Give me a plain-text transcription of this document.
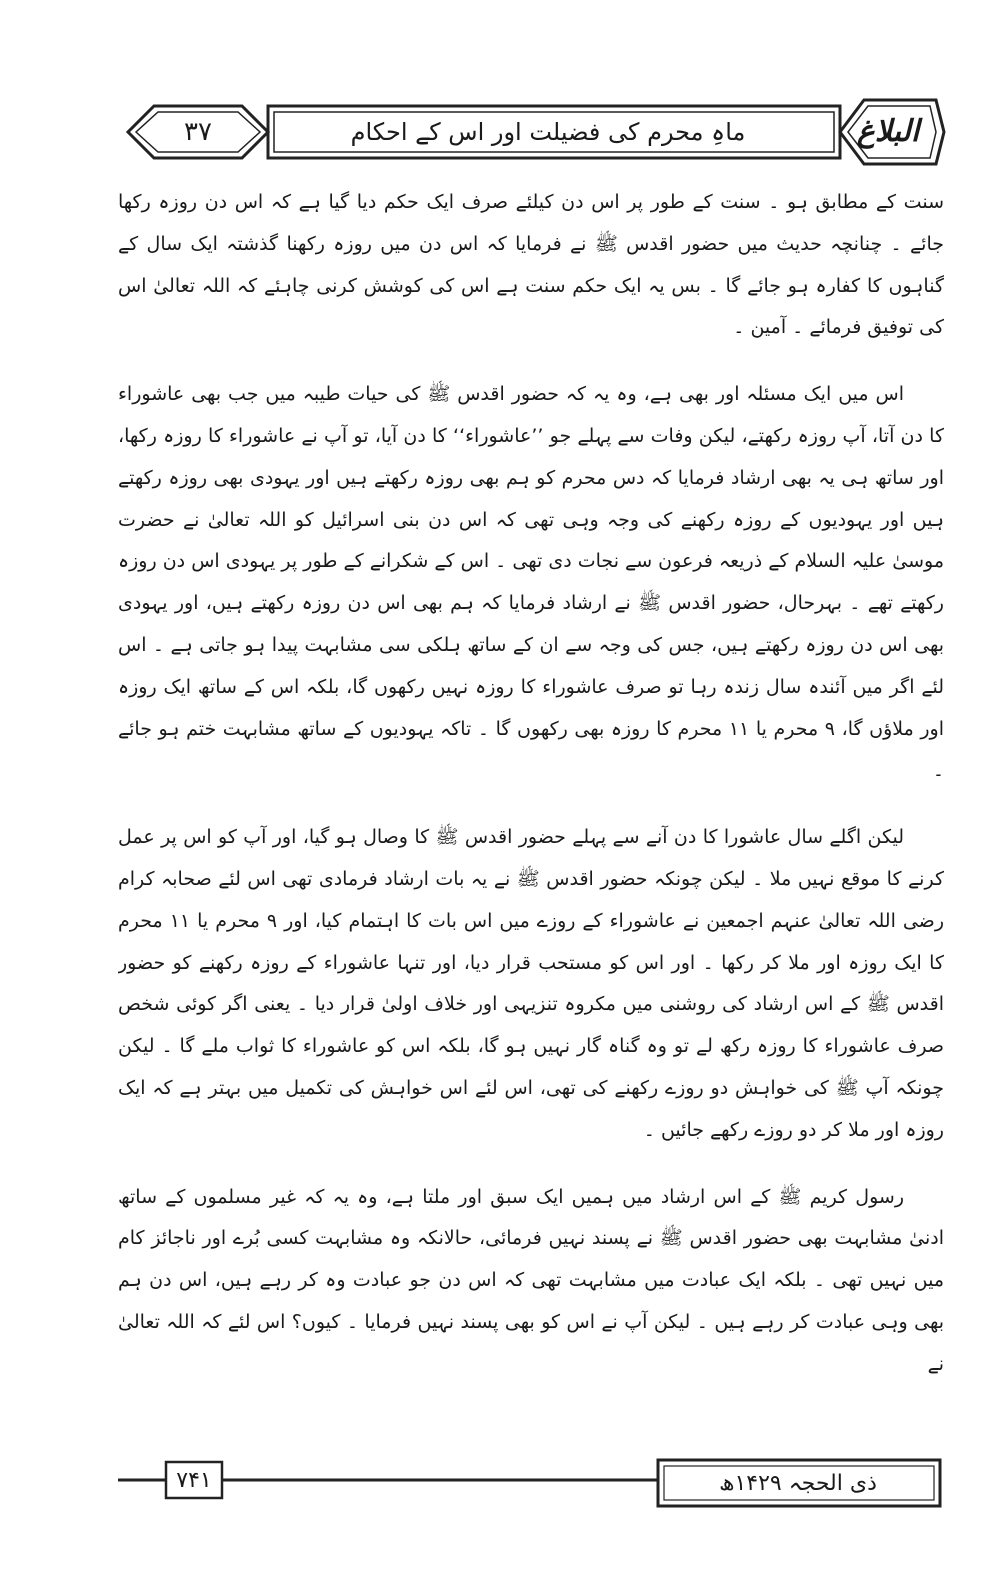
۳۷	ماہِ محرم کی فضیلت اور اس کے احکام	البلاغ

سنت کے مطابق ہو ۔ سنت کے طور پر اس دن کیلئے صرف ایک حکم دیا گیا ہے کہ اس دن روزہ رکھا جائے ۔ چنانچہ حدیث میں حضور اقدس ﷺ نے فرمایا کہ اس دن میں روزہ رکھنا گذشتہ ایک سال کے گناہوں کا کفارہ ہو جائے گا ۔ بس یہ ایک حکم سنت ہے اس کی کوشش کرنی چاہئے کہ اللہ تعالیٰ اس کی توفیق فرمائے ۔ آمین ۔

اس میں ایک مسئلہ اور بھی ہے، وہ یہ کہ حضور اقدس ﷺ کی حیات طیبہ میں جب بھی عاشوراء کا دن آتا، آپ روزہ رکھتے، لیکن وفات سے پہلے جو ’’عاشوراء‘‘ کا دن آیا، تو آپ نے عاشوراء کا روزہ رکھا، اور ساتھ ہی یہ بھی ارشاد فرمایا کہ دس محرم کو ہم بھی روزہ رکھتے ہیں اور یہودی بھی روزہ رکھتے ہیں اور یہودیوں کے روزہ رکھنے کی وجہ وہی تھی کہ اس دن بنی اسرائیل کو اللہ تعالیٰ نے حضرت موسیٰ علیہ السلام کے ذریعہ فرعون سے نجات دی تھی ۔ اس کے شکرانے کے طور پر یہودی اس دن روزہ رکھتے تھے ۔ بہرحال، حضور اقدس ﷺ نے ارشاد فرمایا کہ ہم بھی اس دن روزہ رکھتے ہیں، اور یہودی بھی اس دن روزہ رکھتے ہیں، جس کی وجہ سے ان کے ساتھ ہلکی سی مشابہت پیدا ہو جاتی ہے ۔ اس لئے اگر میں آئندہ سال زندہ رہا تو صرف عاشوراء کا روزہ نہیں رکھوں گا، بلکہ اس کے ساتھ ایک روزہ اور ملاؤں گا، ۹ محرم یا ۱۱ محرم کا روزہ بھی رکھوں گا ۔ تاکہ یہودیوں کے ساتھ مشابہت ختم ہو جائے ۔

لیکن اگلے سال عاشورا کا دن آنے سے پہلے حضور اقدس ﷺ کا وصال ہو گیا، اور آپ کو اس پر عمل کرنے کا موقع نہیں ملا ۔ لیکن چونکہ حضور اقدس ﷺ نے یہ بات ارشاد فرمادی تھی اس لئے صحابہ کرام رضی اللہ تعالیٰ عنہم اجمعین نے عاشوراء کے روزے میں اس بات کا اہتمام کیا، اور ۹ محرم یا ۱۱ محرم کا ایک روزہ اور ملا کر رکھا ۔ اور اس کو مستحب قرار دیا، اور تنہا عاشوراء کے روزہ رکھنے کو حضور اقدس ﷺ کے اس ارشاد کی روشنی میں مکروہ تنزیہی اور خلاف اولیٰ قرار دیا ۔ یعنی اگر کوئی شخص صرف عاشوراء کا روزہ رکھ لے تو وہ گناہ گار نہیں ہو گا، بلکہ اس کو عاشوراء کا ثواب ملے گا ۔ لیکن چونکہ آپ ﷺ کی خواہش دو روزے رکھنے کی تھی، اس لئے اس خواہش کی تکمیل میں بہتر ہے کہ ایک روزہ اور ملا کر دو روزے رکھے جائیں ۔

رسول کریم ﷺ کے اس ارشاد میں ہمیں ایک سبق اور ملتا ہے، وہ یہ کہ غیر مسلموں کے ساتھ ادنیٰ مشابہت بھی حضور اقدس ﷺ نے پسند نہیں فرمائی، حالانکہ وہ مشابہت کسی بُرے اور ناجائز کام میں نہیں تھی ۔ بلکہ ایک عبادت میں مشابہت تھی کہ اس دن جو عبادت وہ کر رہے ہیں، اس دن ہم بھی وہی عبادت کر رہے ہیں ۔ لیکن آپ نے اس کو بھی پسند نہیں فرمایا ۔ کیوں؟ اس لئے کہ اللہ تعالیٰ نے

۷۴۱	ذی الحجہ ۱۴۲۹ھ
